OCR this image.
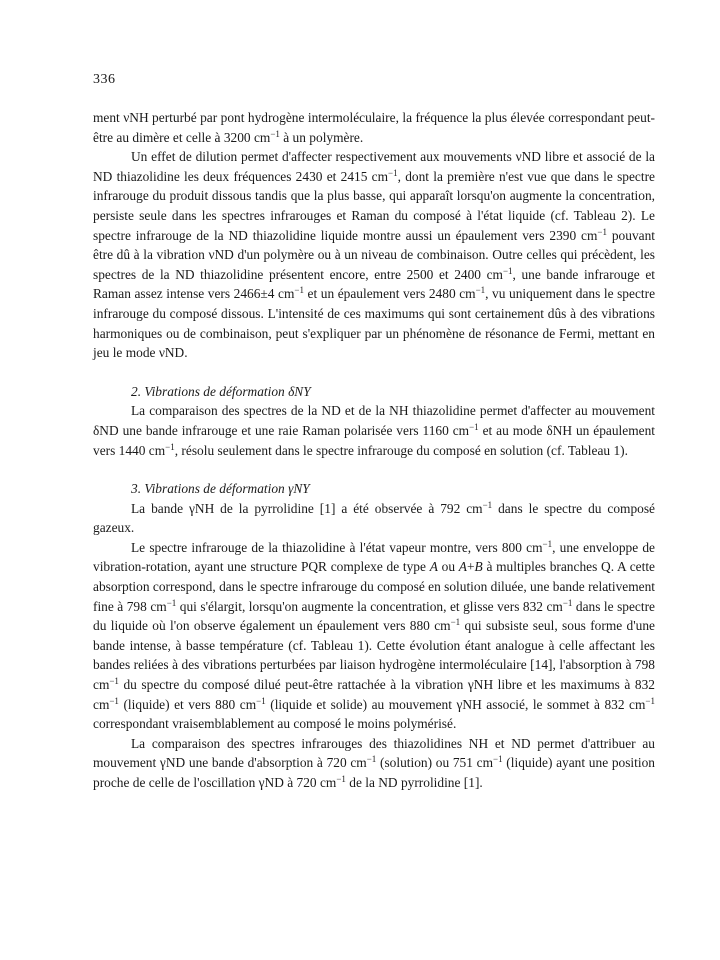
336

ment νNH perturbé par pont hydrogène intermoléculaire, la fréquence la plus élevée correspondant peut-être au dimère et celle à 3200 $cm^{-1}$ à un polymère.

Un effet de dilution permet d'affecter respectivement aux mouvements νND libre et associé de la ND thiazolidine les deux fréquences 2430 et 2415 $cm^{-1}$, dont la première n'est vue que dans le spectre infrarouge du produit dissous tandis que la plus basse, qui apparaît lorsqu'on augmente la concentration, persiste seule dans les spectres infrarouges et Raman du composé à l'état liquide (cf. Tableau 2). Le spectre infrarouge de la ND thiazolidine liquide montre aussi un épaulement vers 2390 $cm^{-1}$ pouvant être dû à la vibration νND d'un polymère ou à un niveau de combinaison. Outre celles qui précèdent, les spectres de la ND thiazolidine présentent encore, entre 2500 et 2400 $cm^{-1}$, une bande infrarouge et Raman assez intense vers 2466±4 $cm^{-1}$ et un épaulement vers 2480 $cm^{-1}$, vu uniquement dans le spectre infrarouge du composé dissous. L'intensité de ces maximums qui sont certainement dûs à des vibrations harmoniques ou de combinaison, peut s'expliquer par un phénomène de résonance de Fermi, mettant en jeu le mode νND.

2. Vibrations de déformation δNY

La comparaison des spectres de la ND et de la NH thiazolidine permet d'affecter au mouvement δND une bande infrarouge et une raie Raman polarisée vers 1160 $cm^{-1}$ et au mode δNH un épaulement vers 1440 $cm^{-1}$, résolu seulement dans le spectre infrarouge du composé en solution (cf. Tableau 1).

3. Vibrations de déformation γNY

La bande γNH de la pyrrolidine [1] a été observée à 792 $cm^{-1}$ dans le spectre du composé gazeux.

Le spectre infrarouge de la thiazolidine à l'état vapeur montre, vers 800 $cm^{-1}$, une enveloppe de vibration-rotation, ayant une structure PQR complexe de type A ou A+B à multiples branches Q. A cette absorption correspond, dans le spectre infrarouge du composé en solution diluée, une bande relativement fine à 798 $cm^{-1}$ qui s'élargit, lorsqu'on augmente la concentration, et glisse vers 832 $cm^{-1}$ dans le spectre du liquide où l'on observe également un épaulement vers 880 $cm^{-1}$ qui subsiste seul, sous forme d'une bande intense, à basse température (cf. Tableau 1). Cette évolution étant analogue à celle affectant les bandes reliées à des vibrations perturbées par liaison hydrogène intermoléculaire [14], l'absorption à 798 $cm^{-1}$ du spectre du composé dilué peut-être rattachée à la vibration γNH libre et les maximums à 832 $cm^{-1}$ (liquide) et vers 880 $cm^{-1}$ (liquide et solide) au mouvement γNH associé, le sommet à 832 $cm^{-1}$ correspondant vraisemblablement au composé le moins polymérisé.

La comparaison des spectres infrarouges des thiazolidines NH et ND permet d'attribuer au mouvement γND une bande d'absorption à 720 $cm^{-1}$ (solution) ou 751 $cm^{-1}$ (liquide) ayant une position proche de celle de l'oscillation γND à 720 $cm^{-1}$ de la ND pyrrolidine [1].
